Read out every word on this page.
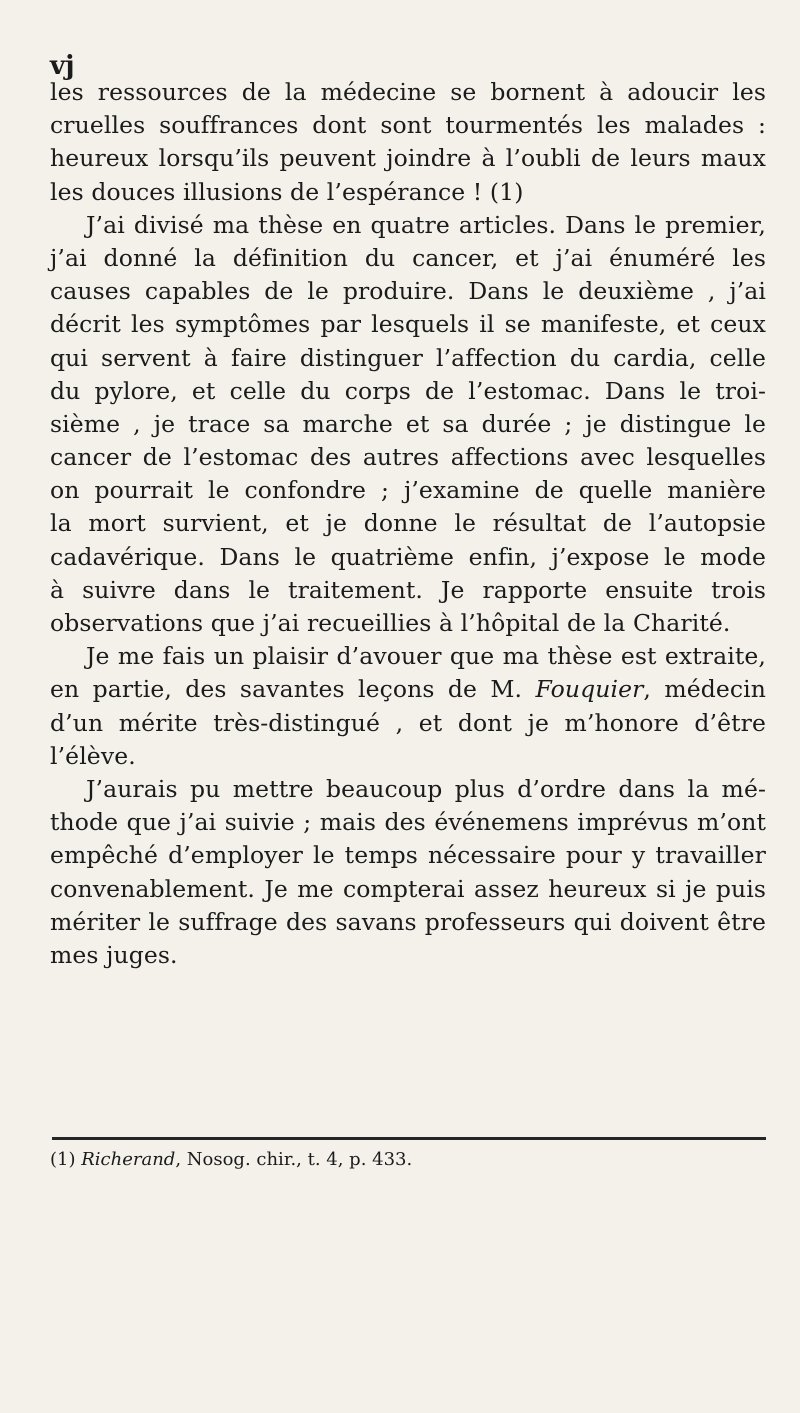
vj
les ressources de la médecine se bornent à adoucir les
cruelles souffrances dont sont tourmentés les malades :
heureux lorsqu’ils peuvent joindre à l’oubli de leurs maux
les douces illusions de l’espérance ! (1)
J’ai divisé ma thèse en quatre articles. Dans le premier,
j’ai donné la définition du cancer, et j’ai énuméré les
causes capables de le produire. Dans le deuxième , j’ai
décrit les symptômes par lesquels il se manifeste, et ceux
qui servent à faire distinguer l’affection du cardia, celle
du pylore, et celle du corps de l’estomac. Dans le troi-
sième , je trace sa marche et sa durée ; je distingue le
cancer de l’estomac des autres affections avec lesquelles
on pourrait le confondre ; j’examine de quelle manière
la mort survient, et je donne le résultat de l’autopsie
cadavérique. Dans le quatrième enfin, j’expose le mode
à suivre dans le traitement. Je rapporte ensuite trois
observations que j’ai recueillies à l’hôpital de la Charité.
Je me fais un plaisir d’avouer que ma thèse est extraite,
en partie, des savantes leçons de M. Fouquier, médecin
d’un mérite très-distingué , et dont je m’honore d’être
l’élève.
J’aurais pu mettre beaucoup plus d’ordre dans la mé-
thode que j’ai suivie ; mais des événemens imprévus m’ont
empêché d’employer le temps nécessaire pour y travailler
convenablement. Je me compterai assez heureux si je puis
mériter le suffrage des savans professeurs qui doivent être
mes juges.
(1) Richerand, Nosog. chir., t. 4, p. 433.
